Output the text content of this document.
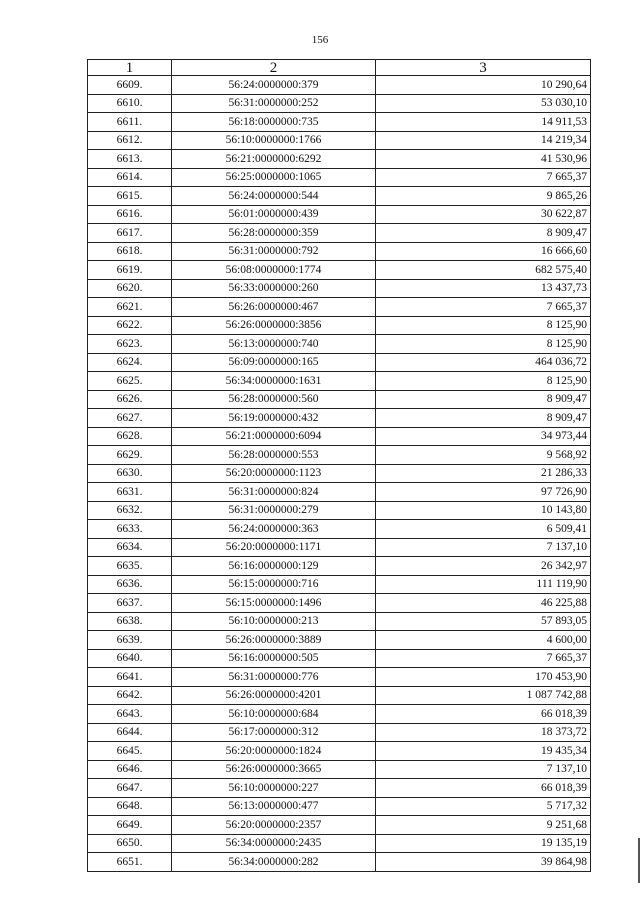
156
1	2	3
6609.	56:24:0000000:379	10 290,64
6610.	56:31:0000000:252	53 030,10
6611.	56:18:0000000:735	14 911,53
6612.	56:10:0000000:1766	14 219,34
6613.	56:21:0000000:6292	41 530,96
6614.	56:25:0000000:1065	7 665,37
6615.	56:24:0000000:544	9 865,26
6616.	56:01:0000000:439	30 622,87
6617.	56:28:0000000:359	8 909,47
6618.	56:31:0000000:792	16 666,60
6619.	56:08:0000000:1774	682 575,40
6620.	56:33:0000000:260	13 437,73
6621.	56:26:0000000:467	7 665,37
6622.	56:26:0000000:3856	8 125,90
6623.	56:13:0000000:740	8 125,90
6624.	56:09:0000000:165	464 036,72
6625.	56:34:0000000:1631	8 125,90
6626.	56:28:0000000:560	8 909,47
6627.	56:19:0000000:432	8 909,47
6628.	56:21:0000000:6094	34 973,44
6629.	56:28:0000000:553	9 568,92
6630.	56:20:0000000:1123	21 286,33
6631.	56:31:0000000:824	97 726,90
6632.	56:31:0000000:279	10 143,80
6633.	56:24:0000000:363	6 509,41
6634.	56:20:0000000:1171	7 137,10
6635.	56:16:0000000:129	26 342,97
6636.	56:15:0000000:716	111 119,90
6637.	56:15:0000000:1496	46 225,88
6638.	56:10:0000000:213	57 893,05
6639.	56:26:0000000:3889	4 600,00
6640.	56:16:0000000:505	7 665,37
6641.	56:31:0000000:776	170 453,90
6642.	56:26:0000000:4201	1 087 742,88
6643.	56:10:0000000:684	66 018,39
6644.	56:17:0000000:312	18 373,72
6645.	56:20:0000000:1824	19 435,34
6646.	56:26:0000000:3665	7 137,10
6647.	56:10:0000000:227	66 018,39
6648.	56:13:0000000:477	5 717,32
6649.	56:20:0000000:2357	9 251,68
6650.	56:34:0000000:2435	19 135,19
6651.	56:34:0000000:282	39 864,98
